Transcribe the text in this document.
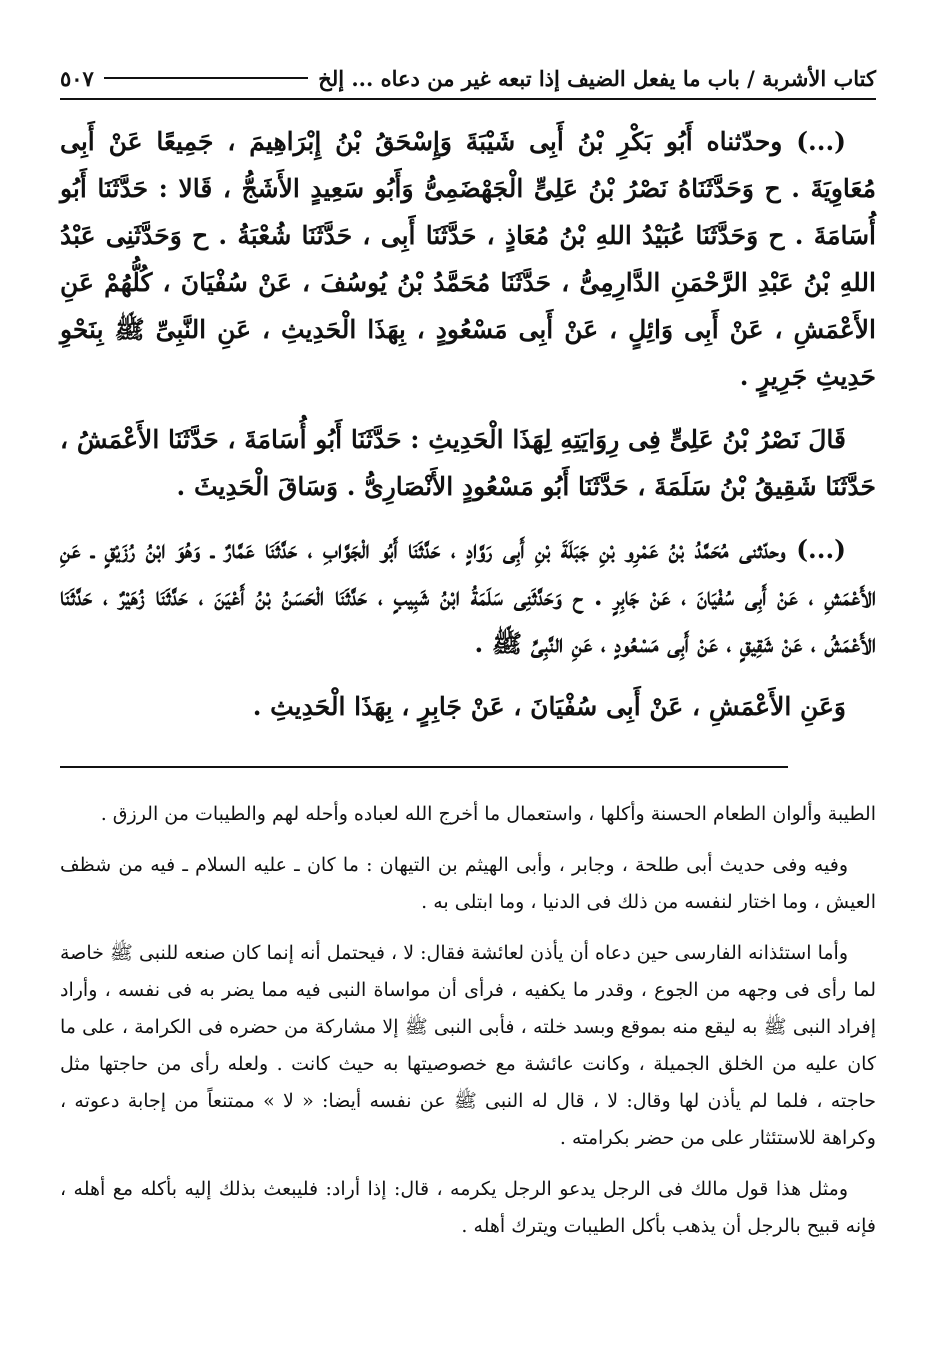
كتاب الأشربة / باب ما يفعل الضيف إذا تبعه غير من دعاه ... إلخ
٥٠٧

(...) وحدّثناه أَبُو بَكْرِ بْنُ أَبِى شَيْبَةَ وَإِسْحَقُ بْنُ إِبْرَاهِيمَ ، جَمِيعًا عَنْ أَبِى مُعَاوِيَةَ . ح وَحَدَّثَنَاهُ نَصْرُ بْنُ عَلِىٍّ الْجَهْضَمِىُّ وَأَبُو سَعِيدٍ الأَشَجُّ ، قَالا : حَدَّثَنَا أَبُو أُسَامَةَ . ح وَحَدَّثَنَا عُبَيْدُ اللهِ بْنُ مُعَاذٍ ، حَدَّثَنَا أَبِى ، حَدَّثَنَا شُعْبَةُ . ح وَحَدَّثَنِى عَبْدُ اللهِ بْنُ عَبْدِ الرَّحْمَنِ الدَّارِمِىُّ ، حَدَّثَنَا مُحَمَّدُ بْنُ يُوسُفَ ، عَنْ سُفْيَانَ ، كُلُّهُمْ عَنِ الأَعْمَشِ ، عَنْ أَبِى وَائِلٍ ، عَنْ أَبِى مَسْعُودٍ ، بِهَذَا الْحَدِيثِ ، عَنِ النَّبِىِّ ﷺ بِنَحْوِ حَدِيثِ جَرِيرٍ .

قَالَ نَصْرُ بْنُ عَلِىٍّ فِى رِوَايَتِهِ لِهَذَا الْحَدِيثِ : حَدَّثَنَا أَبُو أُسَامَةَ ، حَدَّثَنَا الأَعْمَشُ ، حَدَّثَنَا شَقِيقُ بْنُ سَلَمَةَ ، حَدَّثَنَا أَبُو مَسْعُودٍ الأَنْصَارِىُّ . وَسَاقَ الْحَدِيثَ .

(...) وحدّثنى مُحَمَّدُ بْنُ عَمْرِو بْنِ جَبَلَةَ بْنِ أَبِى رَوَّادٍ ، حَدَّثَنَا أَبُو الْجَوَّابِ ، حَدَّثَنَا عَمَّارٌ ـ وَهُوَ ابْنُ رُزَيْقٍ ـ عَنِ الأَعْمَشِ ، عَنْ أَبِى سُفْيَانَ ، عَنْ جَابِرٍ . ح وَحَدَّثَنِى سَلَمَةُ ابْنُ شَبِيبٍ ، حَدَّثَنَا الْحَسَنُ بْنُ أَعْيَنَ ، حَدَّثَنَا زُهَيْرٌ ، حَدَّثَنَا الأَعْمَشُ ، عَنْ شَقِيقٍ ، عَنْ أَبِى مَسْعُودٍ ، عَنِ النَّبِىِّ ﷺ .

وَعَنِ الأَعْمَشِ ، عَنْ أَبِى سُفْيَانَ ، عَنْ جَابِرٍ ، بِهَذَا الْحَدِيثِ .

الطيبة وألوان الطعام الحسنة وأكلها ، واستعمال ما أخرج الله لعباده وأحله لهم والطيبات من الرزق .

وفيه وفى حديث أبى طلحة ، وجابر ، وأبى الهيثم بن التيهان : ما كان ـ عليه السلام ـ فيه من شظف العيش ، وما اختار لنفسه من ذلك فى الدنيا ، وما ابتلى به .

وأما استئذانه الفارسى حين دعاه أن يأذن لعائشة فقال: لا ، فيحتمل أنه إنما كان صنعه للنبى ﷺ خاصة لما رأى فى وجهه من الجوع ، وقدر ما يكفيه ، فرأى أن مواساة النبى فيه مما يضر به فى نفسه ، وأراد إفراد النبى ﷺ به ليقع منه بموقع وبسد خلته ، فأبى النبى ﷺ إلا مشاركة من حضره فى الكرامة ، على ما كان عليه من الخلق الجميلة ، وكانت عائشة مع خصوصيتها به حيث كانت . ولعله رأى من حاجتها مثل حاجته ، فلما لم يأذن لها وقال: لا ، قال له النبى ﷺ عن نفسه أيضا: « لا » ممتنعاً من إجابة دعوته ، وكراهة للاستئثار على من حضر بكرامته .

ومثل هذا قول مالك فى الرجل يدعو الرجل يكرمه ، قال: إذا أراد: فليبعث بذلك إليه بأكله مع أهله ، فإنه قبيح بالرجل أن يذهب بأكل الطيبات ويترك أهله .
